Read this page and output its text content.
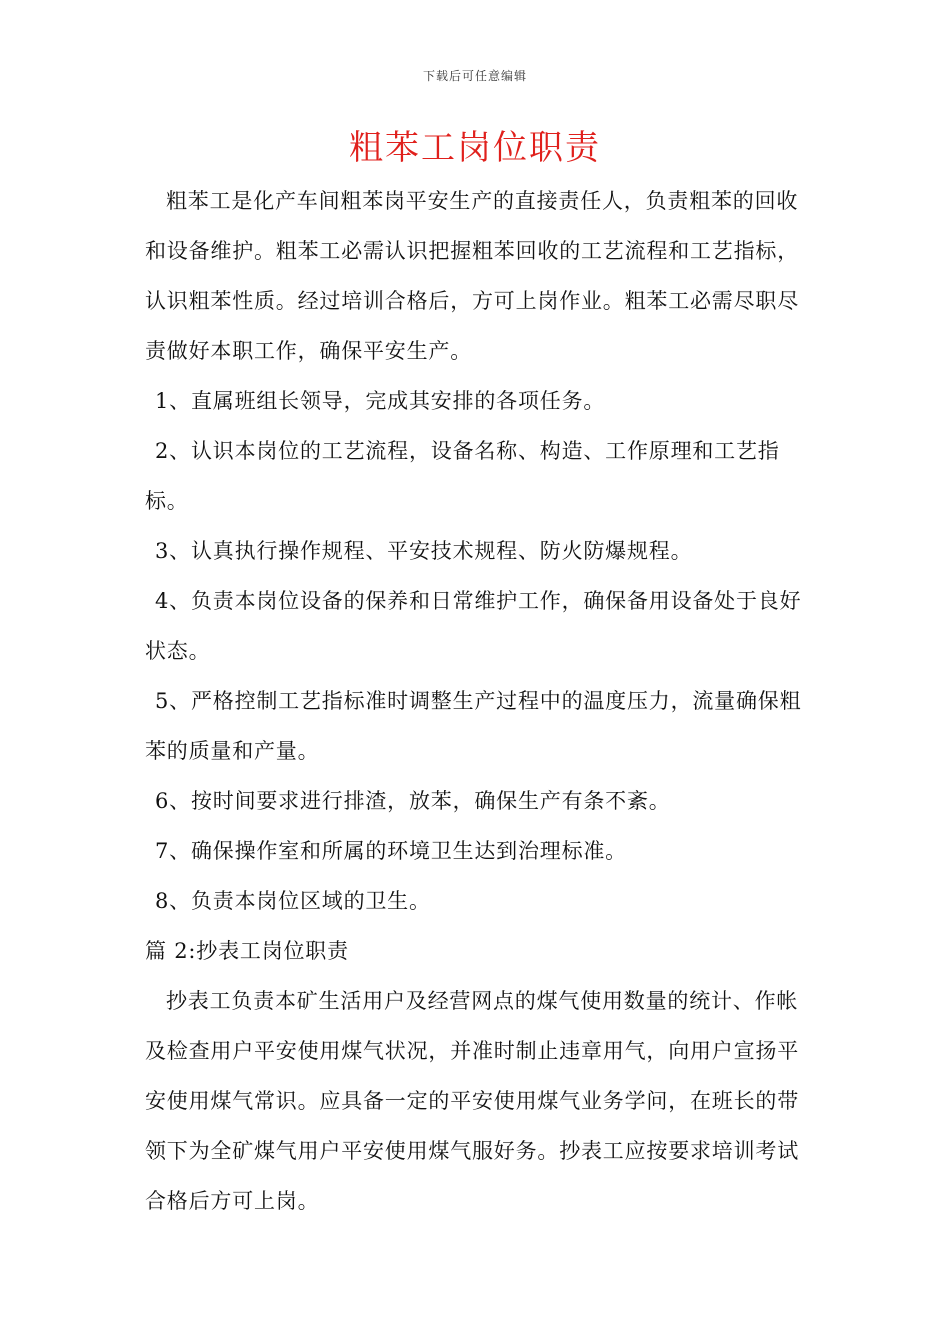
下载后可任意编辑
粗苯工岗位职责

粗苯工是化产车间粗苯岗平安生产的直接责任人，负责粗苯的回收和设备维护。粗苯工必需认识把握粗苯回收的工艺流程和工艺指标，认识粗苯性质。经过培训合格后，方可上岗作业。粗苯工必需尽职尽责做好本职工作，确保平安生产。

1、直属班组长领导，完成其安排的各项任务。

2、认识本岗位的工艺流程，设备名称、构造、工作原理和工艺指标。

3、认真执行操作规程、平安技术规程、防火防爆规程。

4、负责本岗位设备的保养和日常维护工作，确保备用设备处于良好状态。

5、严格控制工艺指标准时调整生产过程中的温度压力，流量确保粗苯的质量和产量。

6、按时间要求进行排渣，放苯，确保生产有条不紊。

7、确保操作室和所属的环境卫生达到治理标准。

8、负责本岗位区域的卫生。

篇 2:抄表工岗位职责

抄表工负责本矿生活用户及经营网点的煤气使用数量的统计、作帐及检查用户平安使用煤气状况，并准时制止违章用气，向用户宣扬平安使用煤气常识。应具备一定的平安使用煤气业务学问，在班长的带领下为全矿煤气用户平安使用煤气服好务。抄表工应按要求培训考试合格后方可上岗。
